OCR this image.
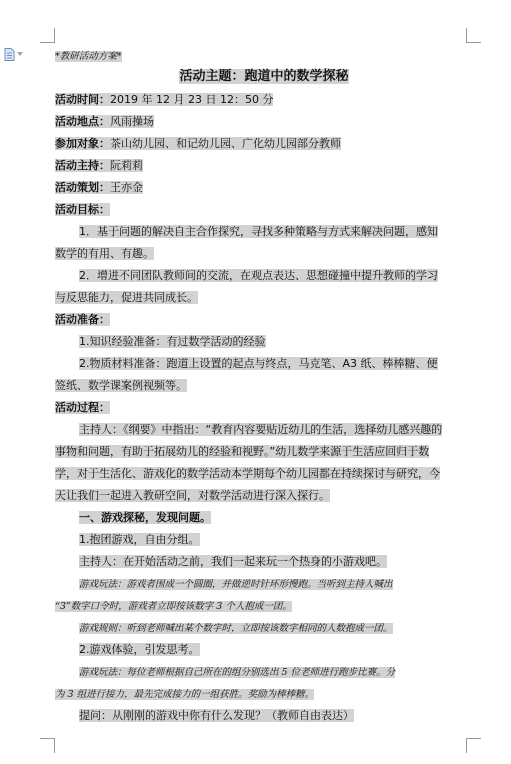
*教研活动方案*
活动主题：跑道中的数学探秘
活动时间：2019 年 12 月 23 日 12：50 分
活动地点：风雨操场
参加对象：茶山幼儿园、和记幼儿园、广化幼儿园部分教师
活动主持：阮莉莉
活动策划：王亦金
活动目标：
1．基于问题的解决自主合作探究，寻找多种策略与方式来解决问题，感知
数学的有用、有趣。
2．增进不同团队教师间的交流，在观点表达、思想碰撞中提升教师的学习
与反思能力，促进共同成长。
活动准备：
1.知识经验准备：有过数学活动的经验
2.物质材料准备：跑道上设置的起点与终点，马克笔、A3 纸、棒棒糖、便
签纸、数学课案例视频等。
活动过程：
主持人：《纲要》中指出：“教育内容要贴近幼儿的生活，选择幼儿感兴趣的
事物和问题，有助于拓展幼儿的经验和视野。”幼儿数学来源于生活应回归于数
学，对于生活化、游戏化的数学活动本学期每个幼儿园都在持续探讨与研究，今
天让我们一起进入教研空间，对数学活动进行深入探行。
一、游戏探秘，发现问题。
1.抱团游戏，自由分组。
主持人：在开始活动之前，我们一起来玩一个热身的小游戏吧。
游戏玩法：游戏者围成一个圆圈，并做逆时针环形慢跑。当听到主持人喊出
“3”数字口令时，游戏者立即按该数字 3 个人抱成一团。
游戏规则：听到老师喊出某个数字时，立即按该数字相同的人数抱成一团。
2.游戏体验，引发思考。
游戏玩法：每位老师根据自己所在的组分别选出 5 位老师进行跑步比赛。分
为 3 组进行接力，最先完成接力的一组获胜。奖励为棒棒糖。
提问：从刚刚的游戏中你有什么发现？（教师自由表达）
